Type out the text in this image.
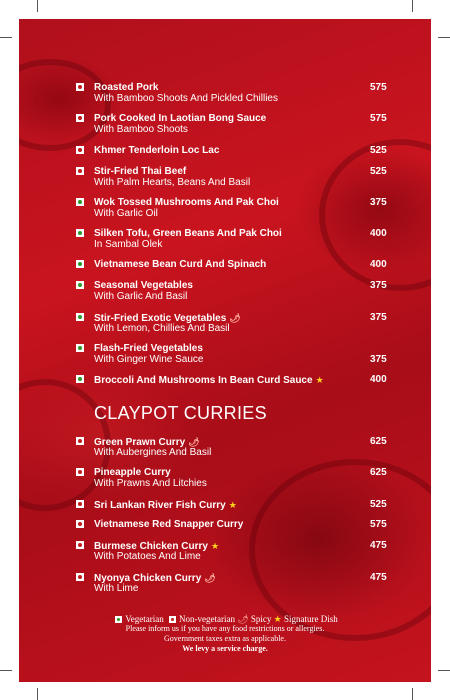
Roasted Pork
With Bamboo Shoots And Pickled Chillies
575
Pork Cooked In Laotian Bong Sauce
With Bamboo Shoots
575
Khmer Tenderloin Loc Lac	525
Stir-Fried Thai Beef
With Palm Hearts, Beans And Basil
525
Wok Tossed Mushrooms And Pak Choi
With Garlic Oil
375
Silken Tofu, Green Beans And Pak Choi
In Sambal Olek
400
Vietnamese Bean Curd And Spinach	400
Seasonal Vegetables
With Garlic And Basil
375
Stir-Fried Exotic Vegetables 🌶︎
With Lemon, Chillies And Basil
375
Flash-Fried Vegetables
With Ginger Wine Sauce	375
Broccoli And Mushrooms In Bean Curd Sauce ★	400
CLAYPOT CURRIES
Green Prawn Curry 🌶︎
With Aubergines And Basil
625
Pineapple Curry
With Prawns And Litchies
625
Sri Lankan River Fish Curry ★	525
Vietnamese Red Snapper Curry	575
Burmese Chicken Curry ★
With Potatoes And Lime
475
Nyonya Chicken Curry 🌶︎
With Lime
475
Vegetarian Non-vegetarian 🌶︎ Spicy ★ Signature Dish
Please inform us if you have any food restrictions or allergies.
Government taxes extra as applicable.
We levy a service charge.
